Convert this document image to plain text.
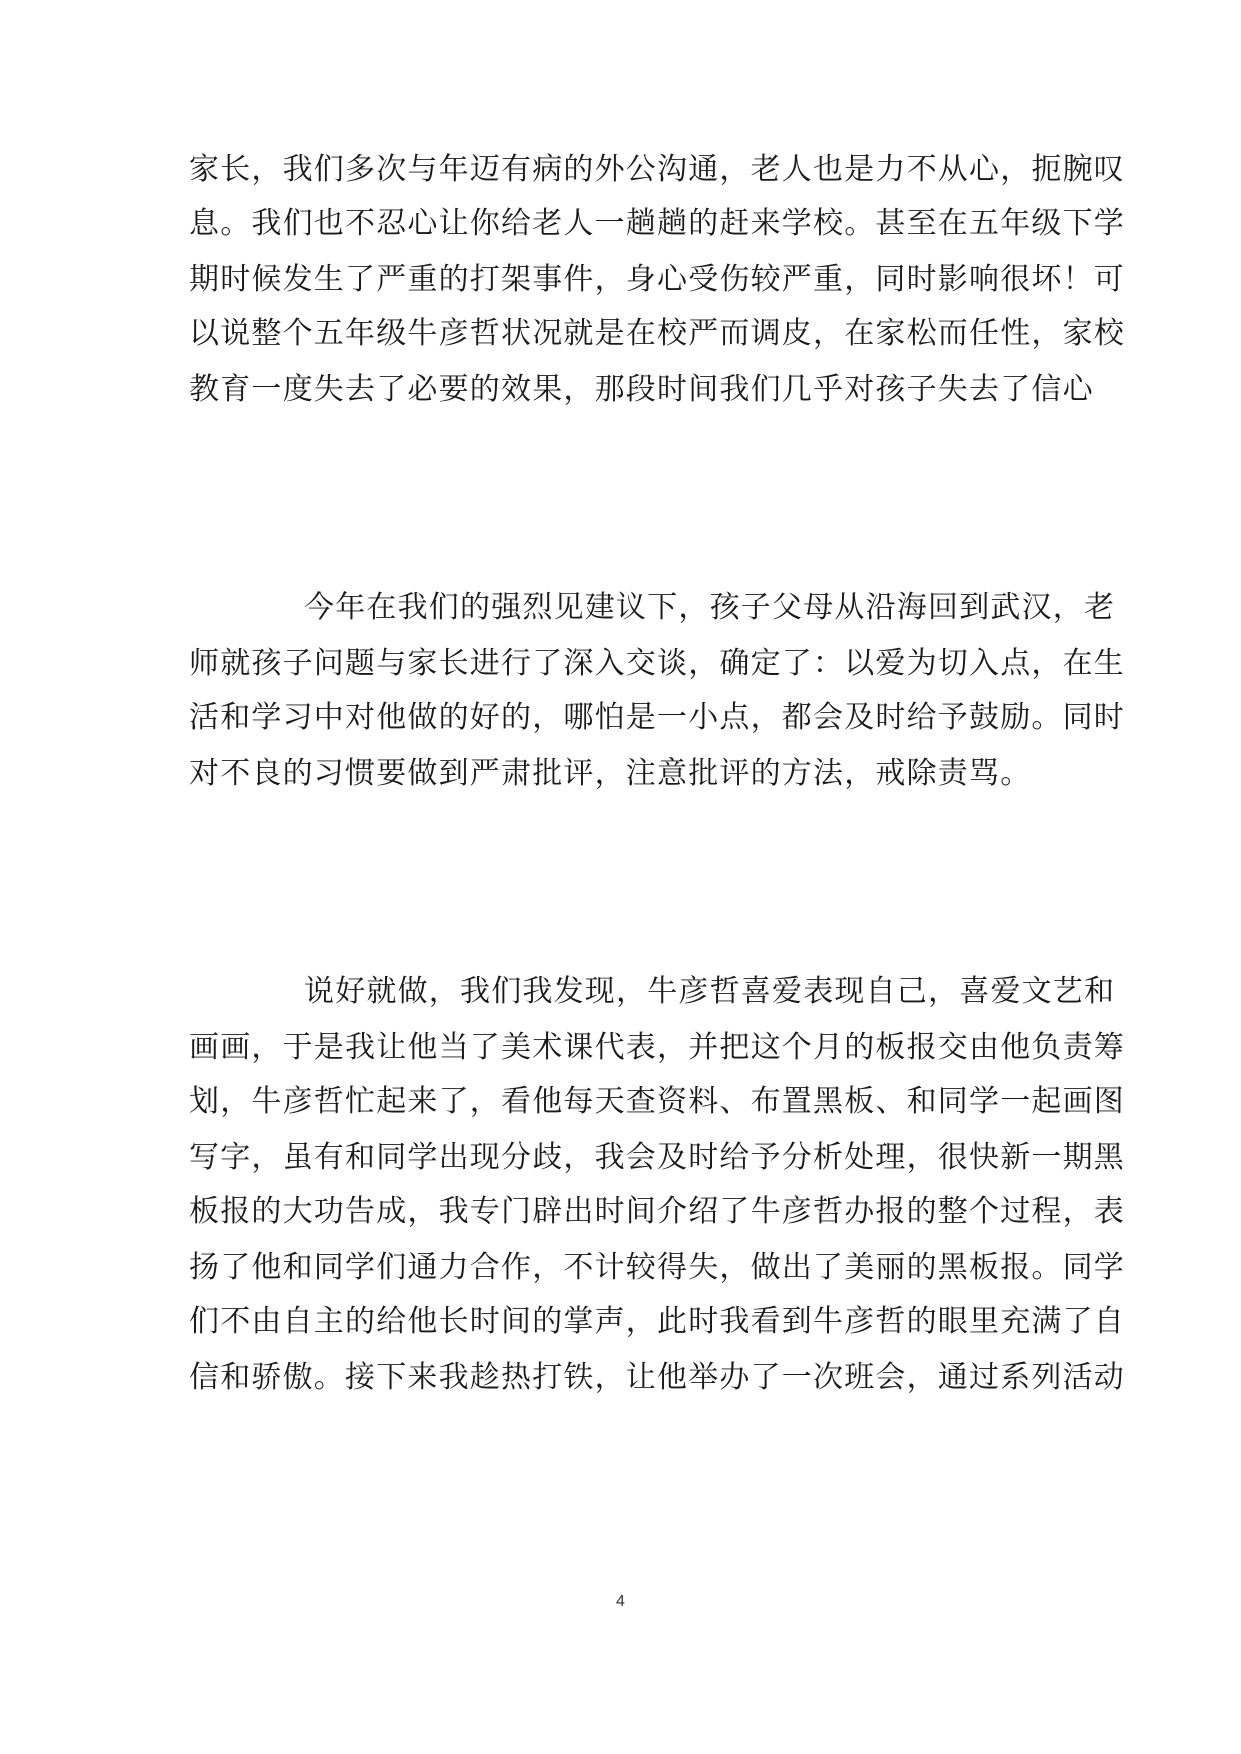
家长，我们多次与年迈有病的外公沟通，老人也是力不从心，扼腕叹
息。我们也不忍心让你给老人一趟趟的赶来学校。甚至在五年级下学
期时候发生了严重的打架事件，身心受伤较严重，同时影响很坏！可
以说整个五年级牛彦哲状况就是在校严而调皮，在家松而任性，家校
教育一度失去了必要的效果，那段时间我们几乎对孩子失去了信心
今年在我们的强烈见建议下，孩子父母从沿海回到武汉，老
师就孩子问题与家长进行了深入交谈，确定了：以爱为切入点，在生
活和学习中对他做的好的，哪怕是一小点，都会及时给予鼓励。同时
对不良的习惯要做到严肃批评，注意批评的方法，戒除责骂。
说好就做，我们我发现，牛彦哲喜爱表现自己，喜爱文艺和
画画，于是我让他当了美术课代表，并把这个月的板报交由他负责筹
划，牛彦哲忙起来了，看他每天查资料、布置黑板、和同学一起画图
写字，虽有和同学出现分歧，我会及时给予分析处理，很快新一期黑
板报的大功告成，我专门辟出时间介绍了牛彦哲办报的整个过程，表
扬了他和同学们通力合作，不计较得失，做出了美丽的黑板报。同学
们不由自主的给他长时间的掌声，此时我看到牛彦哲的眼里充满了自
信和骄傲。接下来我趁热打铁，让他举办了一次班会，通过系列活动
4
